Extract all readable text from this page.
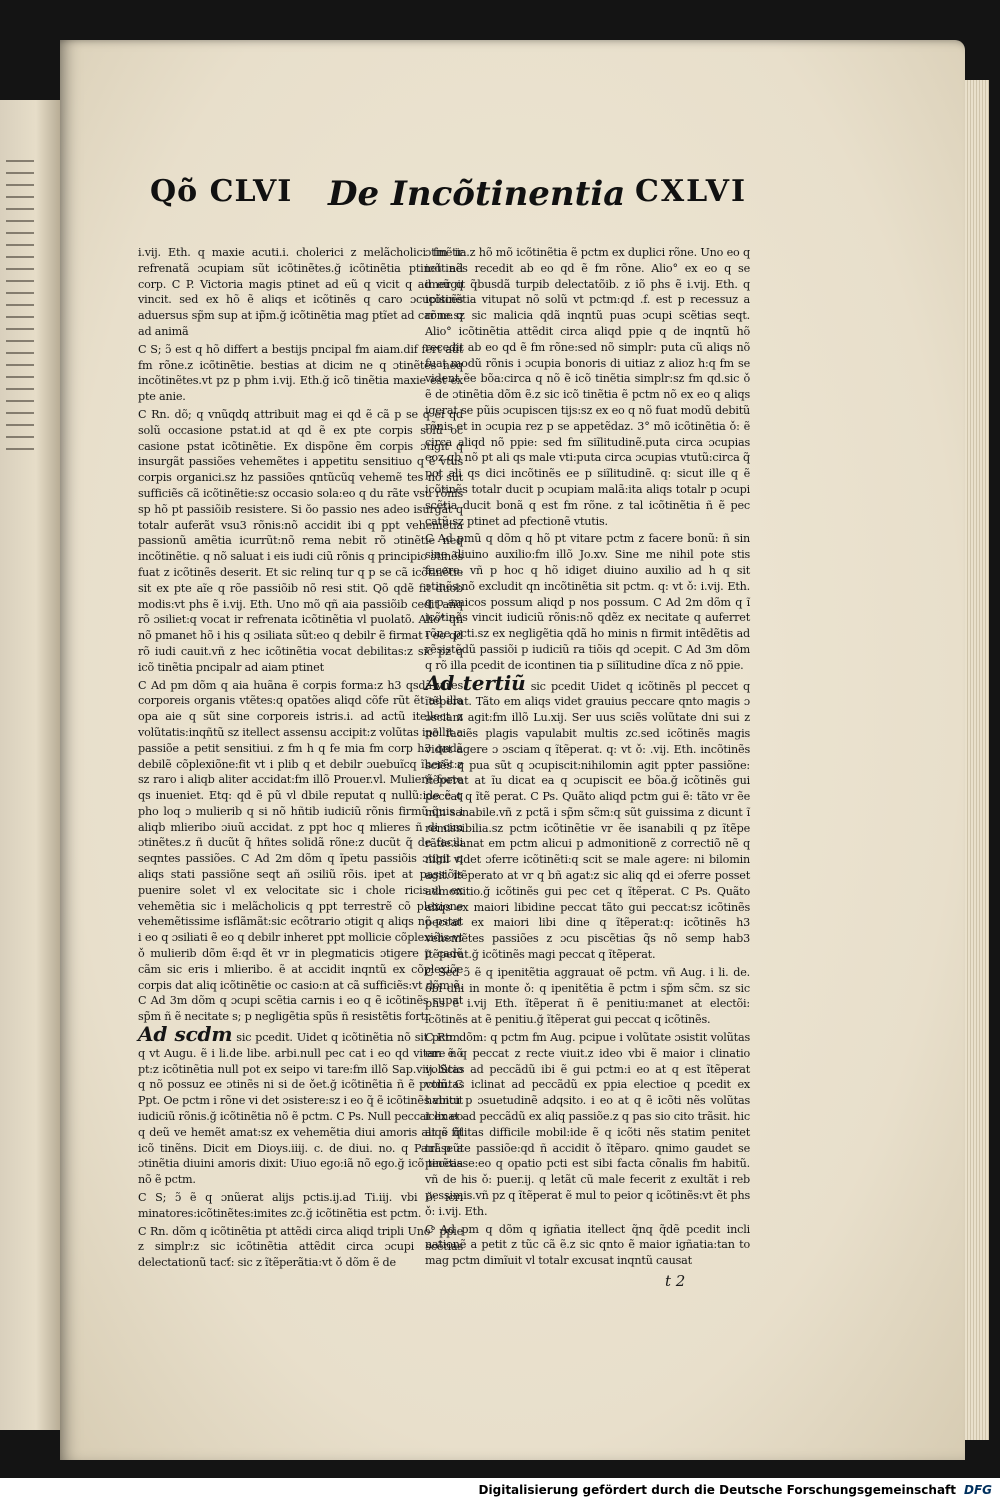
Qõ CLVI De Incõtinentia CXLVI

i.vij. Eth. q maxie acuti.i. cholerici z melãcholici fm ir refrenatã ɔcupiam sũt icõtinẽtes.ğ icõtinẽtia ptinet ad corp. C P. Victoria magis ptinet ad eũ q vicit q ad eũ q vincit. sed ex hõ ẽ aliqs et icõtinẽs q caro ɔcupiscẽs aduersus sp̃m sup at ip̃m.ğ icõtinẽtia mag ptĩet ad car ne q ad animã

C S; ɔ̃ est q hõ differt a bestijs pncipal fm aiam.dif fert aũt fm rõne.z icõtinẽtie. bestias at dicim ne q ɔtinẽtes neq incõtinẽtes.vt pz p phm i.vij. Eth.ğ icõ tinẽtia maxie est ex pte anie.

C Rn. dõ; q vnũqdq attribuit mag ei qd ẽ cã p se q ei qd solũ occasione pstat.id at qd ẽ ex pte corpis solũ oc casione pstat icõtinẽtie. Ex dispõne ẽm corpis ɔtigit q insurgãt passiões vehemẽtes i appetitu sensitiuo q ẽ vtus corpis organici.sz hz passiões qntũcũq vehemẽ tes nõ sũt sufficiẽs cã icõtinẽtie:sz occasio sola:eo q du rãte vsu rõnis sp hõ pt passiõib resistere. Si ŏo passio nes adeo isurgãt q totalr auferãt vsu3 rõnis:nõ accidit ibi q ppt vehemẽtia passionũ amẽtia icurrũt:nõ rema nebit rõ ɔtinẽtie neq incõtinẽtie. q nõ saluat i eis iudi ciũ rõnis q principio ɔtinẽs fuat z icõtinẽs deserit. Et sic relinq tur q p se cã icõtinẽtie sit ex pte aĩe q rõe passiõib nõ resi stit. Qõ qdẽ fit duob modis:vt phs ẽ i.vij. Eth. Uno mõ qñ aia passiõib cedit añq rõ ɔsiliet:q vocat ir refrenata icõtinẽtia vl puolatõ. Alio° qñ nõ pmanet hõ i his q ɔsiliata sũt:eo q debilr ẽ firmat i eo qd rõ iudi cauit.vñ z hec icõtinẽtia vocat debilitas:z sic pz q icõ tinẽtia pncipalr ad aiam ptinet

C Ad pm dõm q aia huãna ẽ corpis forma:z h3 qsdã vires corporeis organis vtẽtes:q opatões aliqd cõfe rũt ẽt ad illa opa aie q sũt sine corporeis istris.i. ad actũ itellect z volũtatis:inqñtũ sz itellect assensu accipit:z volũtas ipellit a passiõe a petit sensitiui. z fm h q fe mia fm corp h3 qndã debilẽ cõplexiõne:fit vt i plib q et debilr ɔuebuĩcq ĩherẽt:z sz raro i aliqb aliter accidat:fm illõ Prouer.vl. Mulierẽ forte qs inueniet. Etq: qd ẽ pũ vl dbile reputat q nullũ:ide ẽ q pho loq ɔ mulierib q si nõ hñtib iudiciũ rõnis firmũ:q̃uis i aliqb mlieribo ɔiuũ accidat. z ppt hoc q mlieres ñ di cim ɔtinẽtes.z ñ ducũt q̃ hñtes solidã rõne:z ducũt q̃ de facili seqntes passiões. C Ad 2m dõm q ĩpetu passiõis ɔtigit q aliqs stati passiõne seqt añ ɔsiliũ rõis. ipet at passiõis puenire solet vl ex velocitate sic i chole ricis:vl ex vehemẽtia sic i melãcholicis q ppt terrestrẽ cõ plexione vehemẽtissime isflãmãt:sic ecõtrario ɔtigit q aliqs nõ pstat i eo q ɔsiliati ẽ eo q debilr inheret ppt mollicie cõplexiõis:vt ǒ mulierib dõm ẽ:qd ẽt vr in plegmaticis ɔtigere p cadẽ cãm sic eris i mlieribo. ẽ at accidit inqntũ ex cõplexiõe corpis dat aliq icõtinẽtie oc casio:n at cã sufficiẽs:vt dõm ẽ. C Ad 3m dõm q ɔcupi scẽtia carnis i eo q ẽ icõtinẽs supat sp̃m ñ ẽ necitate s; p negligẽtia spũs ñ resistẽtis fortr

Ad scdm sic pcedit. Uidet q icõtinẽtia nõ sit pctm. q vt Augu. ẽ i li.de libe. arbi.null pec cat i eo qd vitare nõ pt:z icõtinẽtia null pot ex seipo vi tare:fm illõ Sap.viij. Scio q nõ possuz ee ɔtinẽs ni si de ǒet.ğ icõtinẽtia ñ ẽ pctm. C Ppt. Oe pctm i rõne vi det ɔsistere:sz i eo q̃ ẽ icõtinẽs vincit iudiciũ rõnis.ğ icõtinẽtia nõ ẽ pctm. C Ps. Null peccat ex eo q deũ ve hemẽt amat:sz ex vehemẽtia diui amoris aliqs fit icõ tinẽns. Dicit em Dioys.iiij. c. de diui. no. q Paul p a ɔtinẽtia diuini amoris dixit: Uiuo ego:iã nõ ego.ğ icõ tinẽtia nõ ẽ pctm.

C S; ɔ̃ ẽ q ɔnũerat alijs pctis.ij.ad Ti.iij. vbi ǒ: icri minatores:icõtinẽtes:imites zc.ğ icõtinẽtia est pctm.

C Rn. dõm q icõtinẽtia pt attẽdi circa aliqd tripli Uno° ppie z simplr:z sic icõtinẽtia attẽdit circa ɔcupi scẽtias delectationũ tacť: sic z ĩtẽperãtia:vt ǒ dõm ẽ de

ɔtinẽtia.z hõ mõ icõtinẽtia ẽ pctm ex duplici rõne. Uno eo q icõtinẽs recedit ab eo qd ẽ fm rõne. Alio° ex eo q se imergit q̃busdã turpib delectatõib. z iõ phs ẽ i.vij. Eth. q icõtinẽtia vitupat nõ solũ vt pctm:qd .f. est p recessuz a rõne.sz sic malicia qdã inqntũ puas ɔcupi scẽtias seqt. Alio° icõtinẽtia attẽdit circa aliqd ppie q de inqntũ hõ recedit ab eo qd ẽ fm rõne:sed nõ simplr: puta cũ aliqs nõ fuat modũ rõnis i ɔcupia bonoris di uitiaz z alioz h:q fm se vident ẽe bõa:circa q nõ ẽ icõ tinẽtia simplr:sz fm qd.sic ǒ ẽ de ɔtinẽtia dõm ẽ.z sic icõ tinẽtia ẽ pctm nõ ex eo q aliqs igerat se pũis ɔcupiscen tijs:sz ex eo q nõ fuat modũ debitũ rõnis et in ɔcupia rez p se appetẽdaz. 3° mõ icõtinẽtia ǒ: ẽ circa aliqd nõ ppie: sed fm siĩlitudinẽ.puta circa ɔcupias eoz qb nõ pt ali qs male vti:puta circa ɔcupias vtutũ:circa q̃ pot ali qs dici incõtinẽs ee p siĩlitudinẽ. q: sicut ille q ẽ icõtinẽs totalr ducit p ɔcupiam malã:ita aliqs totalr p ɔcupi scẽtia ducit bonã q est fm rõne. z tal icõtinẽtia ñ ẽ pec catũ:sz ptinet ad pfectionẽ vtutis.

C Ad pmũ q dõm q hõ pt vitare pctm z facere bonũ: ñ sin sine diuino auxilio:fm illõ Jo.xv. Sine me nihil pote stis facere. vñ p hoc q hõ idiget diuino auxilio ad h q sit ɔtinẽs:nõ excludit qn incõtinẽtia sit pctm. q: vt ǒ: i.vij. Eth. q p amicos possum aliqd p nos possum. C Ad 2m dõm q ĩ icõtinẽs vincit iudiciũ rõnis:nõ qdẽz ex necitate q auferret rõne pcti.sz ex negligẽtia qdã ho minis n firmit intẽdẽtis ad rẽsistẽdũ passiõi p iudiciũ ra tiõis qd ɔcepit. C Ad 3m dõm q rõ illa pcedit de icontinen tia p siĩlitudine dĩca z nõ ppie.

Ad tertiũ sic pcedit Uidet q icõtinẽs pl peccet q ĩtẽperat. Tãto em aliqs videt grauius peccare qnto magis ɔ ɔsciam agit:fm illõ Lu.xij. Ser uus sciẽs volũtate dni sui z nõ faciẽs plagis vapulabit multis zc.sed icõtinẽs magis videt agere ɔ ɔsciam q ĩtẽperat. q: vt ǒ: .vij. Eth. incõtinẽs sciẽs q pua sũt q ɔcupiscit:nihilomin agit ppter passiõne: ĩtẽperat at ĩu dicat ea q ɔcupiscit ee bõa.ğ icõtinẽs gui peccat q ĩtẽ perat. C Ps. Quãto aliqd pctm gui ẽ: tãto vr ẽe min sanabile.vñ z pctã i sp̃m sc̃m:q sũt guissima z dicunt ĩ remissibilia.sz pctm icõtinẽtie vr ẽe isanabili q pz ĩtẽpe rãtie.sanat em pctm alicui p admonitionẽ z correctiõ nẽ q nihil videt ɔferre icõtinẽti:q scit se male agere: ni bilomin agit. ĩtẽperato at vr q bñ agat:z sic aliq qd ei ɔferre posset admonitio.ğ icõtinẽs gui pec cet q ĩtẽperat. C Ps. Quãto aliqs ex maiori libidine peccat tãto gui peccat:sz icõtinẽs peccat ex maiori libi dine q ĩtẽperat:q: icõtinẽs h3 vehemẽtes passiões z ɔcu piscẽtias q̃s nõ semp hab3 ĩtẽperat.ğ icõtinẽs magi peccat q ĩtẽperat.

C Sed ɔ̃ ẽ q ipenitẽtia aggrauat oẽ pctm. vñ Aug. i li. de. ŏbi dñi in monte ǒ: q ipenitẽtia ẽ pctm i sp̃m sc̃m. sz sic phs ẽ i.vij Eth. ĩtẽperat ñ ẽ penitiu:manet at electõi: icõtinẽs at ẽ penitiu.ğ ĩtẽperat gui peccat q icõtinẽs.

C Rn. dõm: q pctm fm Aug. pcipue i volũtate ɔsistit volũtas em ẽ q peccat z recte viuit.z ideo vbi ẽ maior i clinatio volũtas ad peccãdũ ibi ẽ gui pctm:i eo at q est ĩtẽperat volũtas iclinat ad peccãdũ ex ppia electioe q pcedit ex habitu p ɔsuetudinẽ adqsito. i eo at q ẽ icõti nẽs volũtas iclinat ad peccãdũ ex aliq passiõe.z q pas sio cito trãsit. hic at ẽ q̃litas difficile mobil:ide ẽ q icõti nẽs statim penitet trãseũte passiõe:qd ñ accidit ǒ ĩtẽparo. qnimo gaudet se peccasse:eo q opatio pcti est sibi facta cõnalis fm habitũ. vñ de his ǒ: puer.ij. q letãt cũ male fecerit z exultãt i reb pessimis.vñ pz q ĩtẽperat ẽ mul to peior q icõtinẽs:vt ẽt phs ǒ: i.vij. Eth.

C Ad pm q dõm q igñatia itellect q̃nq q̃dẽ pcedit incli nationẽ a petit z tũc cã ẽ.z sic qnto ẽ maior igñatia:tan to mag pctm dimĩuit vl totalr excusat inqntũ causat

t 2
Digitalisierung gefördert durch die Deutsche Forschungsgemeinschaft DFG
